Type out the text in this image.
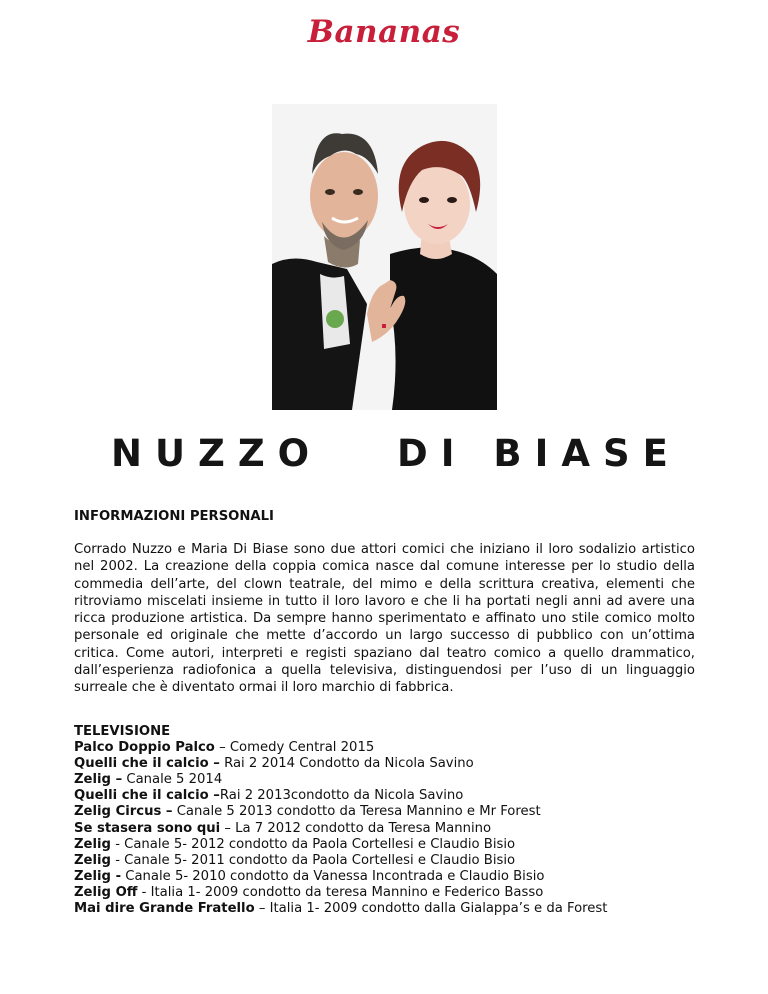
Bananas
NUZZO DI BIASE
INFORMAZIONI PERSONALI

Corrado Nuzzo e Maria Di Biase sono due attori comici che iniziano il loro sodalizio artistico nel 2002. La creazione della coppia comica nasce dal comune interesse per lo studio della commedia dell’arte, del clown teatrale, del mimo e della scrittura creativa, elementi che ritroviamo miscelati insieme in tutto il loro lavoro e che li ha portati negli anni ad avere una ricca produzione artistica. Da sempre hanno sperimentato e affinato uno stile comico molto personale ed originale che mette d’accordo un largo successo di pubblico con un’ottima critica. Come autori, interpreti e registi spaziano dal teatro comico a quello drammatico, dall’esperienza radiofonica a quella televisiva, distinguendosi per l’uso di un linguaggio surreale che è diventato ormai il loro marchio di fabbrica.

TELEVISIONE
Palco Doppio Palco – Comedy Central 2015
Quelli che il calcio – Rai 2 2014 Condotto da Nicola Savino
Zelig – Canale 5 2014
Quelli che il calcio –Rai 2 2013condotto da Nicola Savino
Zelig Circus – Canale 5 2013 condotto da Teresa Mannino e Mr Forest
Se stasera sono qui – La 7 2012 condotto da Teresa Mannino
Zelig - Canale 5- 2012 condotto da Paola Cortellesi e Claudio Bisio
Zelig - Canale 5- 2011 condotto da Paola Cortellesi e Claudio Bisio
Zelig - Canale 5- 2010 condotto da Vanessa Incontrada e Claudio Bisio
Zelig Off - Italia 1- 2009 condotto da teresa Mannino e Federico Basso
Mai dire Grande Fratello – Italia 1- 2009 condotto dalla Gialappa’s e da Forest
